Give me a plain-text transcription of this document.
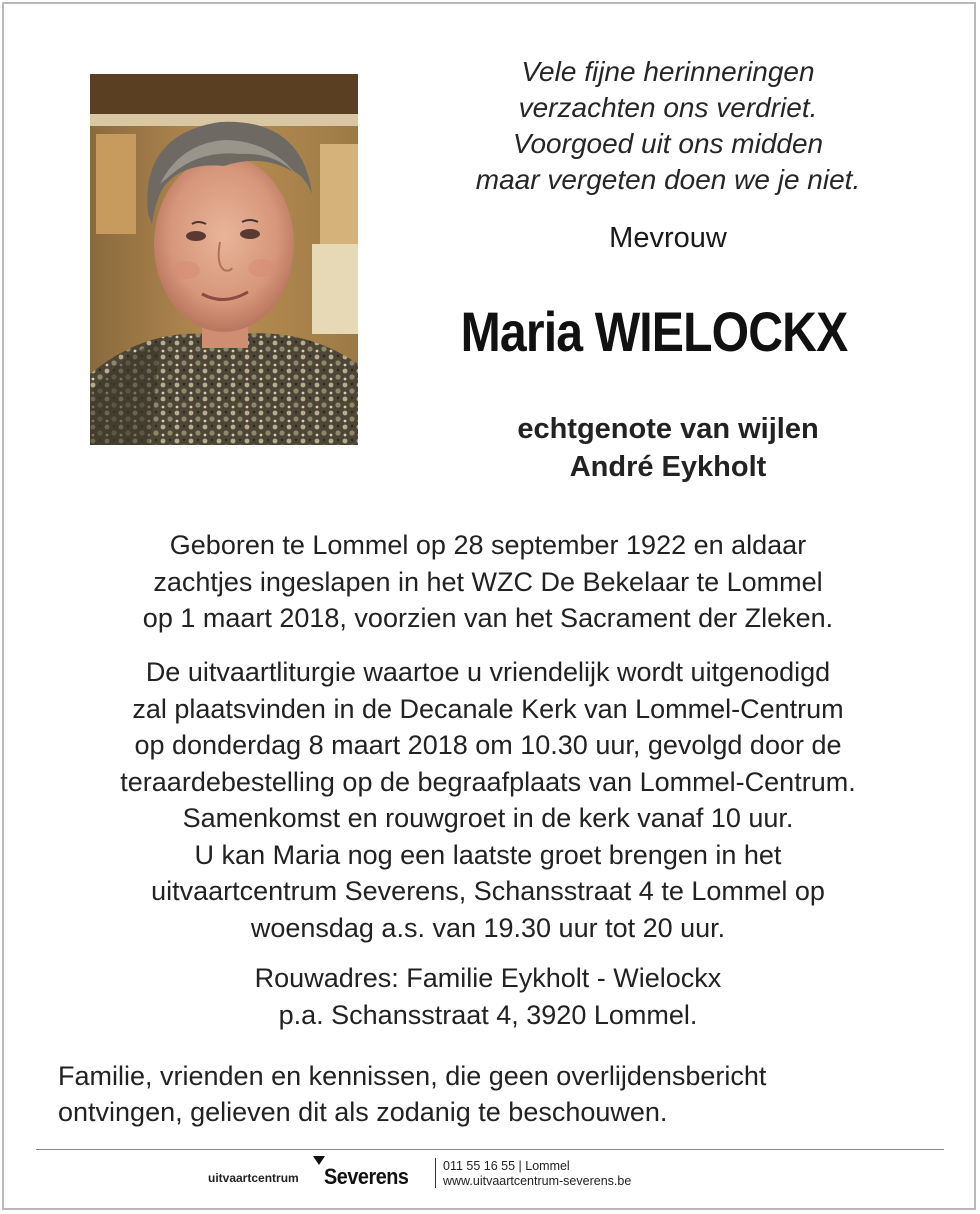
Vele fijne herinneringen
verzachten ons verdriet.
Voorgoed uit ons midden
maar vergeten doen we je niet.
Mevrouw
Maria WIELOCKX
echtgenote van wijlen
André Eykholt
Geboren te Lommel op 28 september 1922 en aldaar
zachtjes ingeslapen in het WZC De Bekelaar te Lommel
op 1 maart 2018, voorzien van het Sacrament der Zleken.
De uitvaartliturgie waartoe u vriendelijk wordt uitgenodigd
zal plaatsvinden in de Decanale Kerk van Lommel-Centrum
op donderdag 8 maart 2018 om 10.30 uur, gevolgd door de
teraardebestelling op de begraafplaats van Lommel-Centrum.
Samenkomst en rouwgroet in de kerk vanaf 10 uur.
U kan Maria nog een laatste groet brengen in het
uitvaartcentrum Severens, Schansstraat 4 te Lommel op
woensdag a.s. van 19.30 uur tot 20 uur.
Rouwadres: Familie Eykholt - Wielockx
p.a. Schansstraat 4, 3920 Lommel.
Familie, vrienden en kennissen, die geen overlijdensbericht
ontvingen, gelieven dit als zodanig te beschouwen.
uitvaartcentrum Severens	011 55 16 55 | Lommel
www.uitvaartcentrum-severens.be
